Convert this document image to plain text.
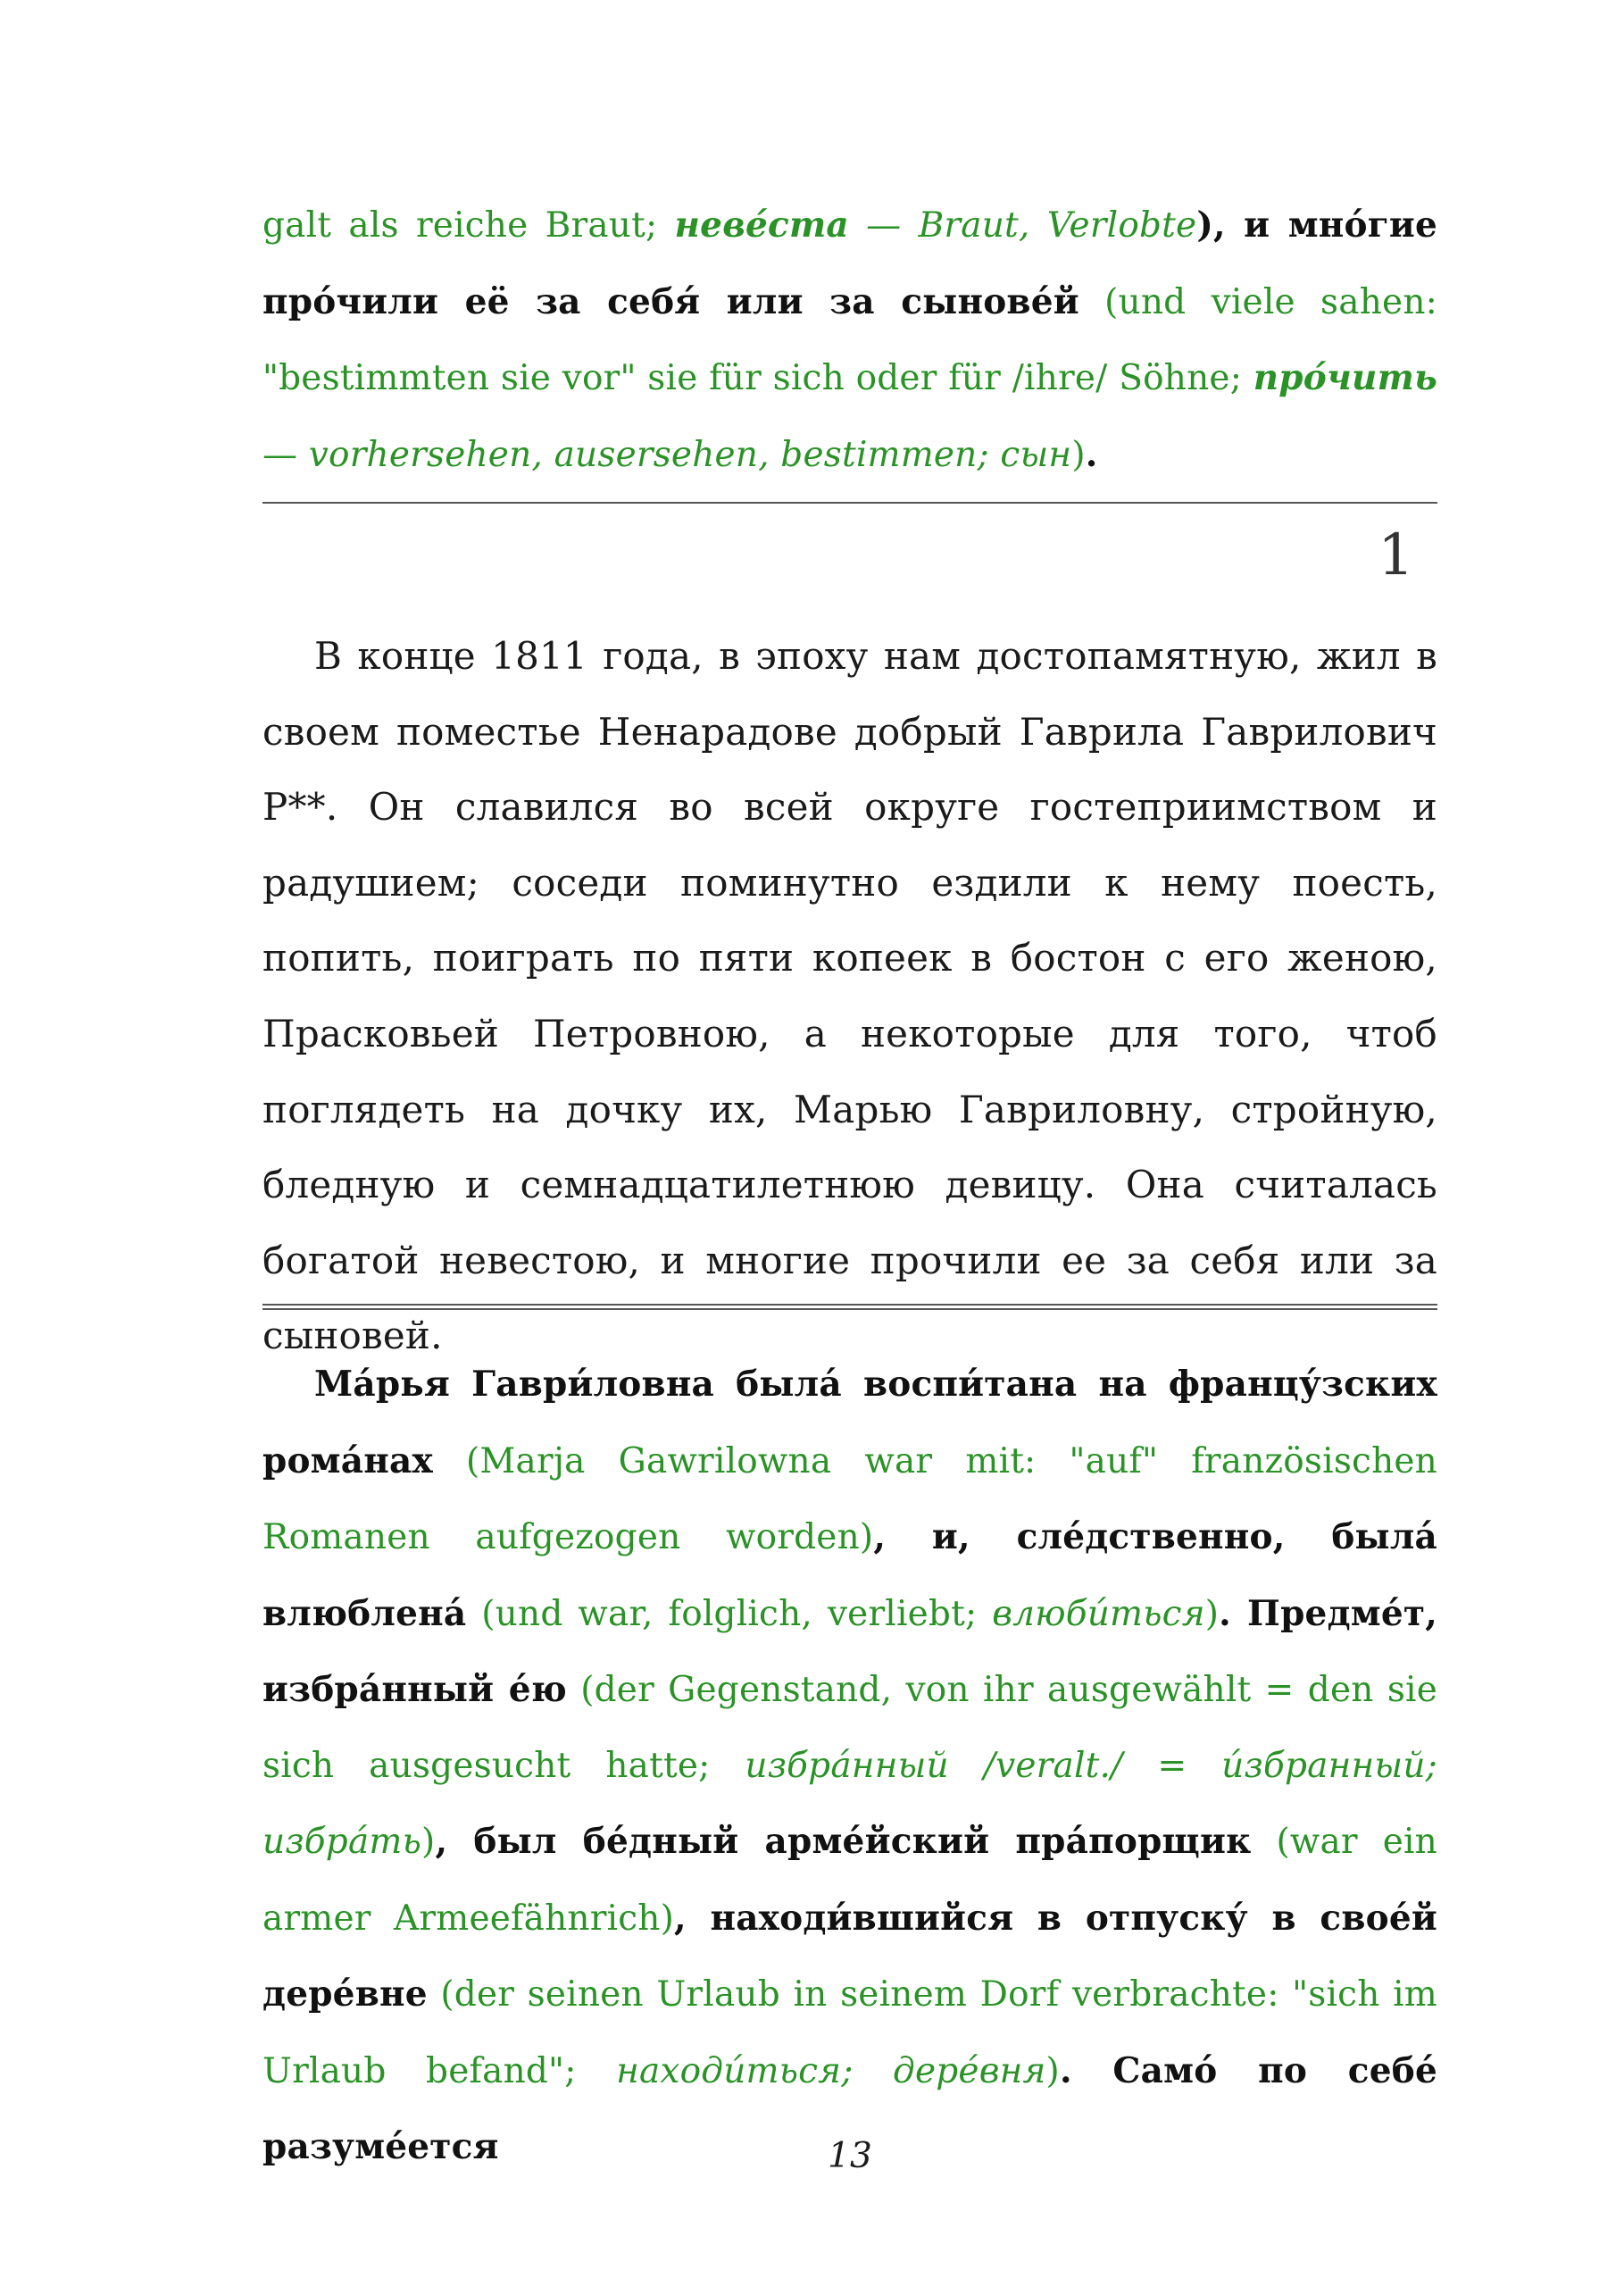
galt als reiche Braut; неве́ста — Braut, Verlobte), и мно́гие про́чили её за себя́ или за сынове́й (und viele sahen: "bestimmten sie vor" sie für sich oder für /ihre/ Söhne; про́чить — vorhersehen, ausersehen, bestimmen; сын).

1

В конце 1811 года, в эпоху нам достопамятную, жил в своем поместье Ненарадове добрый Гаврила Гаврилович Р**. Он славился во всей округе гостеприимством и радушием; соседи поминутно ездили к нему поесть, попить, поиграть по пяти копеек в бостон с его женою, Прасковьей Петровною, а некоторые для того, чтоб поглядеть на дочку их, Марью Гавриловну, стройную, бледную и семнадцатилетнюю девицу. Она считалась богатой невестою, и многие прочили ее за себя или за сыновей.

Ма́рья Гаври́ловна была́ воспи́тана на францу́зских рома́нах (Marja Gawrilowna war mit: "auf" französischen Romanen aufgezogen worden), и, сле́дственно, была́ влюблена́ (und war, folglich, verliebt; влюби́ться). Предме́т, избра́нный е́ю (der Gegenstand, von ihr ausgewählt = den sie sich ausgesucht hatte; избра́нный /veralt./ = и́збранный; избра́ть), был бе́дный арме́йский пра́порщик (war ein armer Armeefähnrich), находи́вшийся в отпуску́ в свое́й дере́вне (der seinen Urlaub in seinem Dorf verbrachte: "sich im Urlaub befand"; находи́ться; дере́вня). Само́ по себе́ разуме́ется	13
